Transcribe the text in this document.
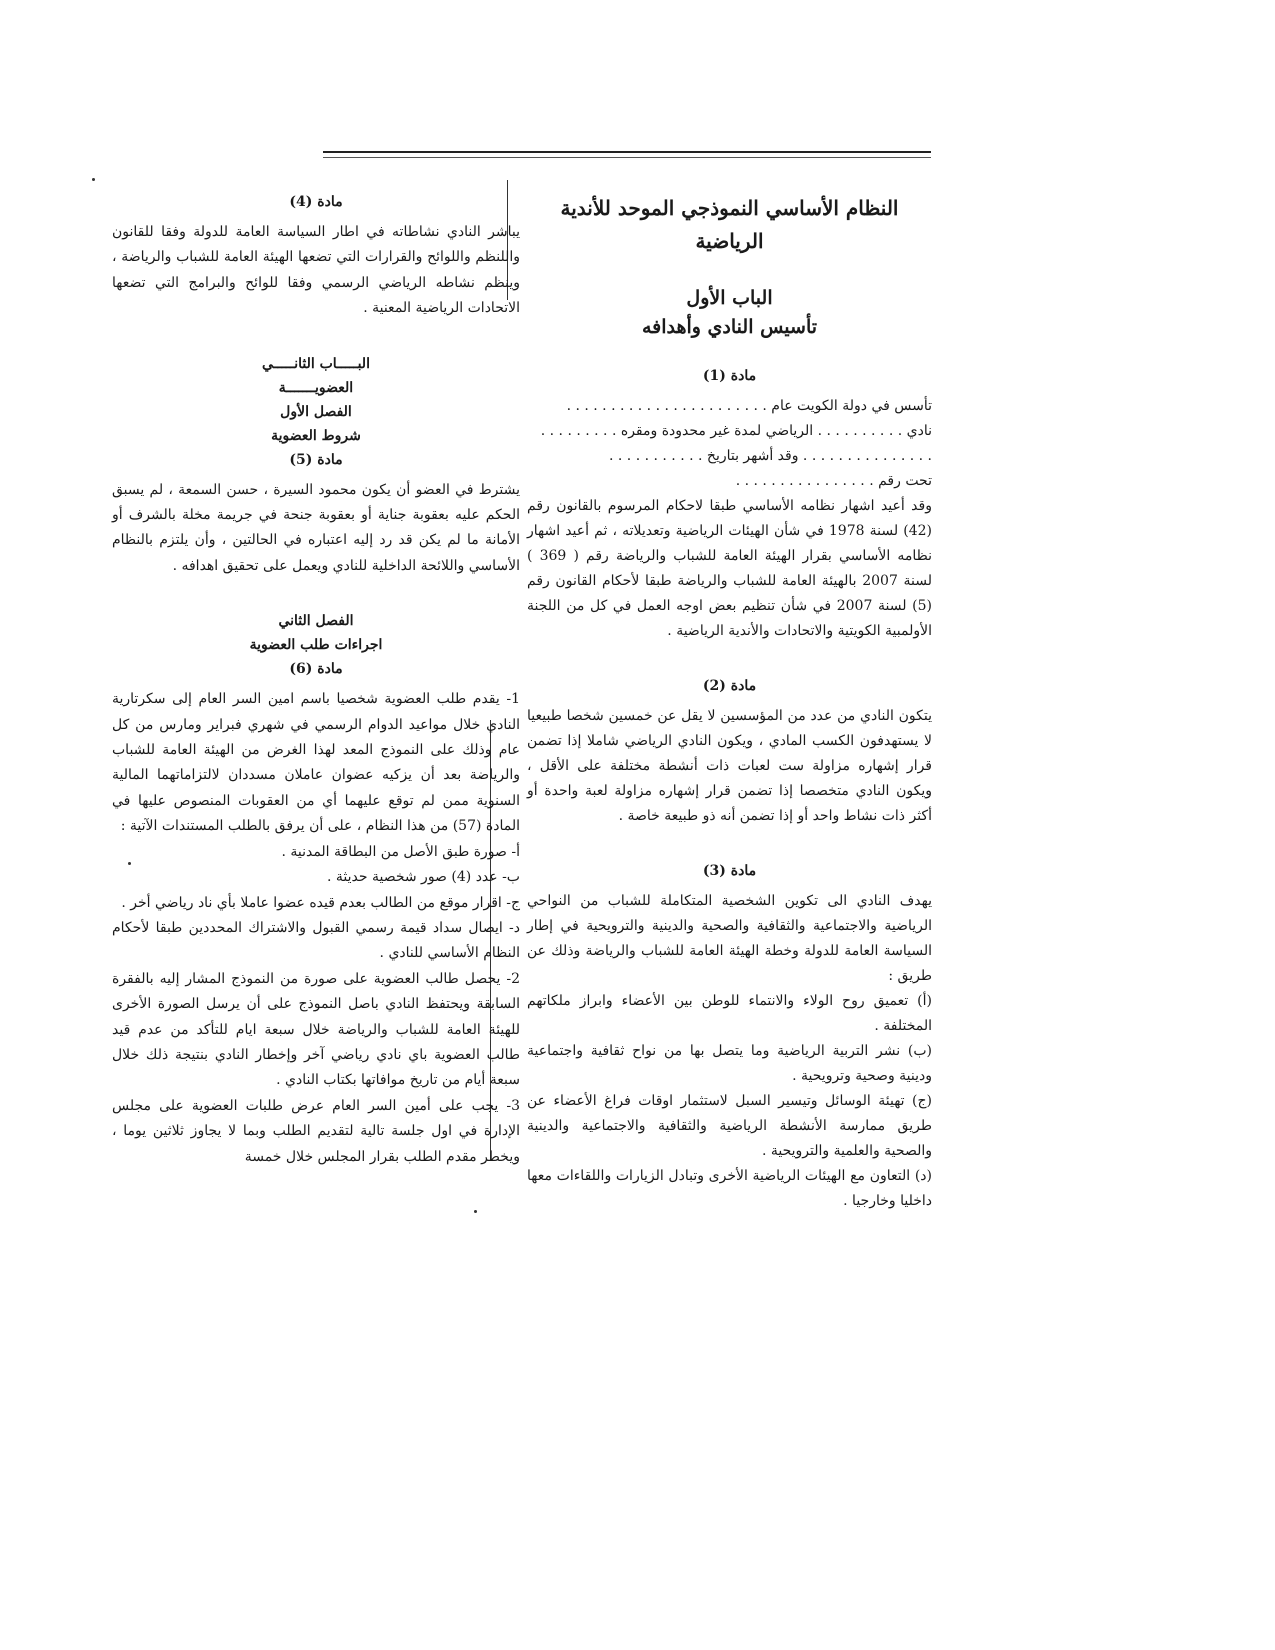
النظام الأساسي النموذجي الموحد للأندية الرياضية
الباب الأول
تأسيس النادي وأهدافه
مادة (1)
تأسس في دولة الكويت عام . . . . . . . . . . . . . . . . . . . . . . .
نادي . . . . . . . . . . الرياضي لمدة غير محدودة ومقره . . . . . . . . .
. . . . . . . . . . . . . . . وقد أشهر بتاريخ . . . . . . . . . . .
تحت رقم . . . . . . . . . . . . . . . .

وقد أعيد اشهار نظامه الأساسي طبقا لاحكام المرسوم بالقانون رقم (42) لسنة 1978 في شأن الهيئات الرياضية وتعديلاته ، ثم أعيد اشهار نظامه الأساسي بقرار الهيئة العامة للشباب والرياضة رقم ( 369 ) لسنة 2007 بالهيئة العامة للشباب والرياضة طبقا لأحكام القانون رقم (5) لسنة 2007 في شأن تنظيم بعض اوجه العمل في كل من اللجنة الأولمبية الكويتية والاتحادات والأندية الرياضية .

مادة (2)

يتكون النادي من عدد من المؤسسين لا يقل عن خمسين شخصا طبيعيا لا يستهدفون الكسب المادي ، ويكون النادي الرياضي شاملا إذا تضمن قرار إشهاره مزاولة ست لعبات ذات أنشطة مختلفة على الأقل ، ويكون النادي متخصصا إذا تضمن قرار إشهاره مزاولة لعبة واحدة أو أكثر ذات نشاط واحد أو إذا تضمن أنه ذو طبيعة خاصة .

مادة (3)

يهدف النادي الى تكوين الشخصية المتكاملة للشباب من النواحي الرياضية والاجتماعية والثقافية والصحية والدينية والترويحية في إطار السياسة العامة للدولة وخطة الهيئة العامة للشباب والرياضة وذلك عن طريق :

(أ) تعميق روح الولاء والانتماء للوطن بين الأعضاء وابراز ملكاتهم المختلفة .

(ب) نشر التربية الرياضية وما يتصل بها من نواح ثقافية واجتماعية ودينية وصحية وترويحية .

(ج) تهيئة الوسائل وتيسير السبل لاستثمار اوقات فراغ الأعضاء عن طريق ممارسة الأنشطة الرياضية والثقافية والاجتماعية والدينية والصحية والعلمية والترويحية .

(د) التعاون مع الهيئات الرياضية الأخرى وتبادل الزيارات واللقاءات معها داخليا وخارجيا .

مادة (4)

يباشر النادي نشاطاته في اطار السياسة العامة للدولة وفقا للقانون واللنظم واللوائح والقرارات التي تضعها الهيئة العامة للشباب والرياضة ، وينظم نشاطه الرياضي الرسمي وفقا للوائح والبرامج التي تضعها الاتحادات الرياضية المعنية .

البـــــاب الثانـــــي
العضويـــــــة
الفصل الأول
شروط العضوية
مادة (5)

يشترط في العضو أن يكون محمود السيرة ، حسن السمعة ، لم يسبق الحكم عليه بعقوبة جناية أو بعقوبة جنحة في جريمة مخلة بالشرف أو الأمانة ما لم يكن قد رد إليه اعتباره في الحالتين ، وأن يلتزم بالنظام الأساسي واللائحة الداخلية للنادي ويعمل على تحقيق اهدافه .

الفصل الثاني
اجراءات طلب العضوية
مادة (6)

1- يقدم طلب العضوية شخصيا باسم امين السر العام إلى سكرتارية النادي خلال مواعيد الدوام الرسمي في شهري فبراير ومارس من كل عام وذلك على النموذج المعد لهذا الغرض من الهيئة العامة للشباب والرياضة بعد أن يزكيه عضوان عاملان مسددان لالتزاماتهما المالية السنوية ممن لم توقع عليهما أي من العقوبات المنصوص عليها في المادة (57) من هذا النظام ، على أن يرفق بالطلب المستندات الآتية :

أ- صورة طبق الأصل من البطاقة المدنية .

ب- عدد (4) صور شخصية حديثة .

ج- اقرار موقع من الطالب بعدم قيده عضوا عاملا بأي ناد رياضي أخر .

د- ايصال سداد قيمة رسمي القبول والاشتراك المحددين طبقا لأحكام النظام الأساسي للنادي .

2- يحصل طالب العضوية على صورة من النموذج المشار إليه بالفقرة السابقة ويحتفظ النادي باصل النموذج على أن يرسل الصورة الأخرى للهيئة العامة للشباب والرياضة خلال سبعة ايام للتأكد من عدم قيد طالب العضوية باي نادي رياضي آخر وإخطار النادي بنتيجة ذلك خلال سبعة أيام من تاريخ موافاتها بكتاب النادي .

3- يجب على أمين السر العام عرض طلبات العضوية على مجلس الإدارة في اول جلسة تالية لتقديم الطلب وبما لا يجاوز ثلاثين يوما ، ويخطر مقدم الطلب بقرار المجلس خلال خمسة
